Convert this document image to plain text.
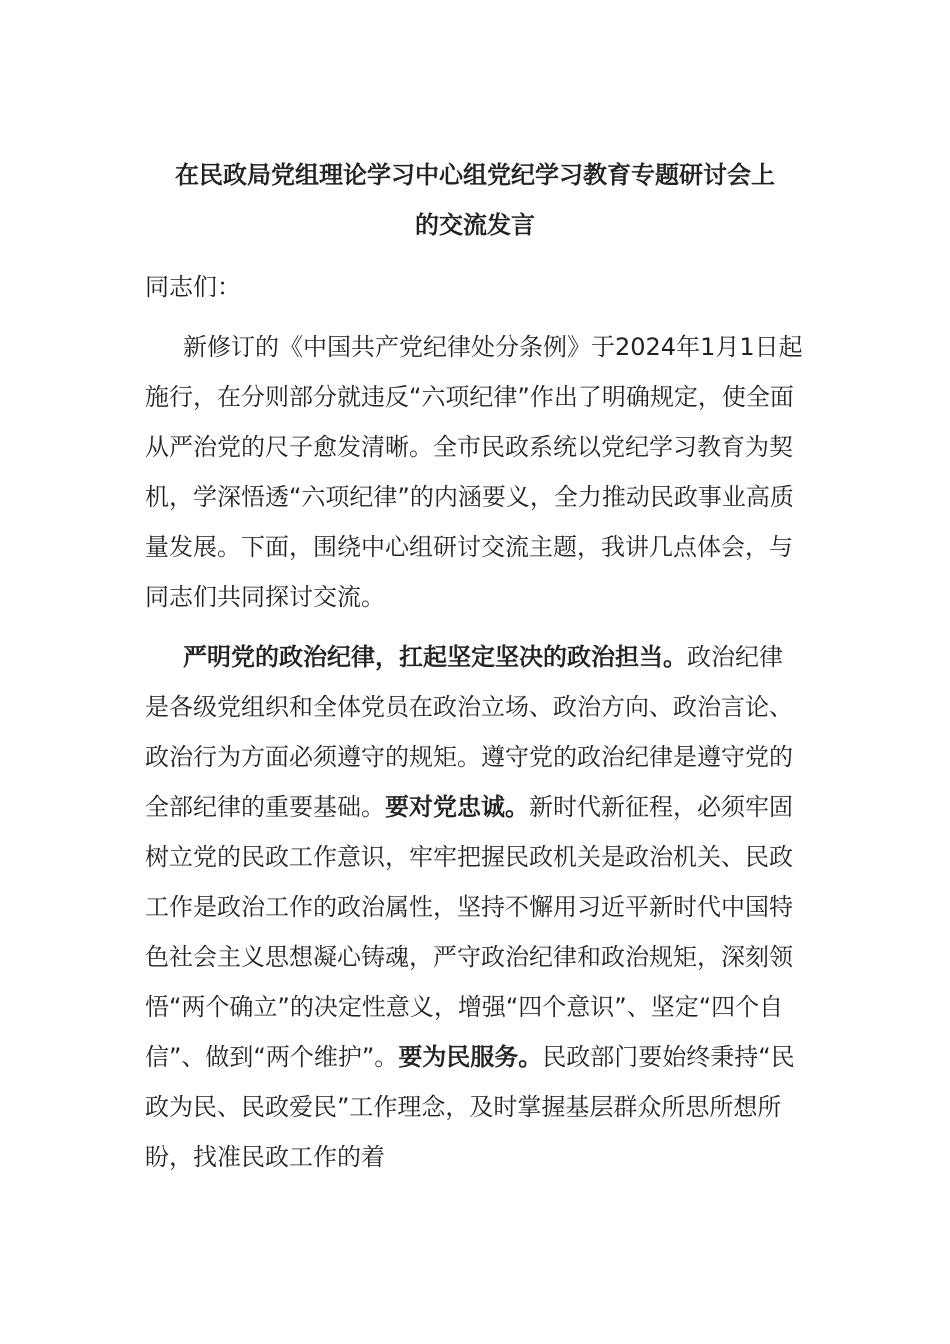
在民政局党组理论学习中心组党纪学习教育专题研讨会上
的交流发言
同志们：
新修订的《中国共产党纪律处分条例》于2024年1月1日起施行，在分则部分就违反“六项纪律”作出了明确规定，使全面从严治党的尺子愈发清晰。全市民政系统以党纪学习教育为契机，学深悟透“六项纪律”的内涵要义，全力推动民政事业高质量发展。下面，围绕中心组研讨交流主题，我讲几点体会，与同志们共同探讨交流。
严明党的政治纪律，扛起坚定坚决的政治担当。政治纪律是各级党组织和全体党员在政治立场、政治方向、政治言论、政治行为方面必须遵守的规矩。遵守党的政治纪律是遵守党的全部纪律的重要基础。要对党忠诚。新时代新征程，必须牢固树立党的民政工作意识，牢牢把握民政机关是政治机关、民政工作是政治工作的政治属性，坚持不懈用习近平新时代中国特色社会主义思想凝心铸魂，严守政治纪律和政治规矩，深刻领悟“两个确立”的决定性意义，增强“四个意识”、坚定“四个自信”、做到“两个维护”。要为民服务。民政部门要始终秉持“民政为民、民政爱民”工作理念，及时掌握基层群众所思所想所盼，找准民政工作的着
